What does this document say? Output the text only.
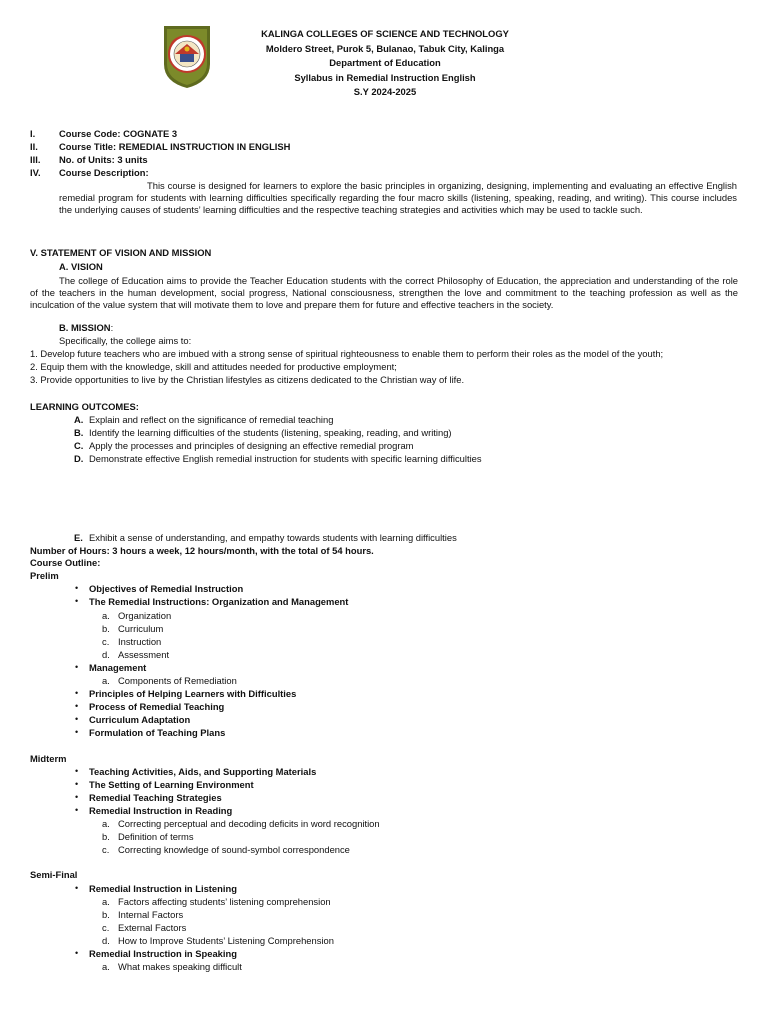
KALINGA COLLEGES OF SCIENCE AND TECHNOLOGY
Moldero Street, Purok 5, Bulanao, Tabuk City, Kalinga
Department of Education
Syllabus in Remedial Instruction English
S.Y 2024-2025
I.	Course Code: COGNATE 3
II. Course Title: REMEDIAL INSTRUCTION IN ENGLISH
III. No. of Units: 3 units
IV. Course Description:
This course is designed for learners to explore the basic principles in organizing, designing, implementing and evaluating an effective English remedial program for students with learning difficulties specifically regarding the four macro skills (listening, speaking, reading, and writing). This course includes the underlying causes of students’ learning difficulties and the respective teaching strategies and activities which may be used to tackle such.
V. STATEMENT OF VISION AND MISSION
A. VISION
The college of Education aims to provide the Teacher Education students with the correct Philosophy of Education, the appreciation and understanding of the role of the teachers in the human development, social progress, National consciousness, strengthen the love and commitment to the teaching profession as well as the inculcation of the value system that will motivate them to love and prepare them for future and effective teachers in the society.
B. MISSION:
Specifically, the college aims to:
1. Develop future teachers who are imbued with a strong sense of spiritual righteousness to enable them to perform their roles as the model of the youth;
2. Equip them with the knowledge, skill and attitudes needed for productive employment;
3. Provide opportunities to live by the Christian lifestyles as citizens dedicated to the Christian way of life.
LEARNING OUTCOMES:
A. Explain and reflect on the significance of remedial teaching
B. Identify the learning difficulties of the students (listening, speaking, reading, and writing)
C. Apply the processes and principles of designing an effective remedial program
D. Demonstrate effective English remedial instruction for students with specific learning difficulties
E. Exhibit a sense of understanding, and empathy towards students with learning difficulties
Number of Hours: 3 hours a week, 12 hours/month, with the total of 54 hours.
Course Outline:
Prelim
• Objectives of Remedial Instruction
• The Remedial Instructions: Organization and Management
a. Organization
b. Curriculum
c. Instruction
d. Assessment
• Management
a. Components of Remediation
• Principles of Helping Learners with Difficulties
• Process of Remedial Teaching
• Curriculum Adaptation
• Formulation of Teaching Plans
Midterm
• Teaching Activities, Aids, and Supporting Materials
• The Setting of Learning Environment
• Remedial Teaching Strategies
• Remedial Instruction in Reading
a. Correcting perceptual and decoding deficits in word recognition
b. Definition of terms
c. Correcting knowledge of sound-symbol correspondence
Semi-Final
• Remedial Instruction in Listening
a. Factors affecting students’ listening comprehension
b. Internal Factors
c. External Factors
d. How to Improve Students’ Listening Comprehension
• Remedial Instruction in Speaking
a. What makes speaking difficult
